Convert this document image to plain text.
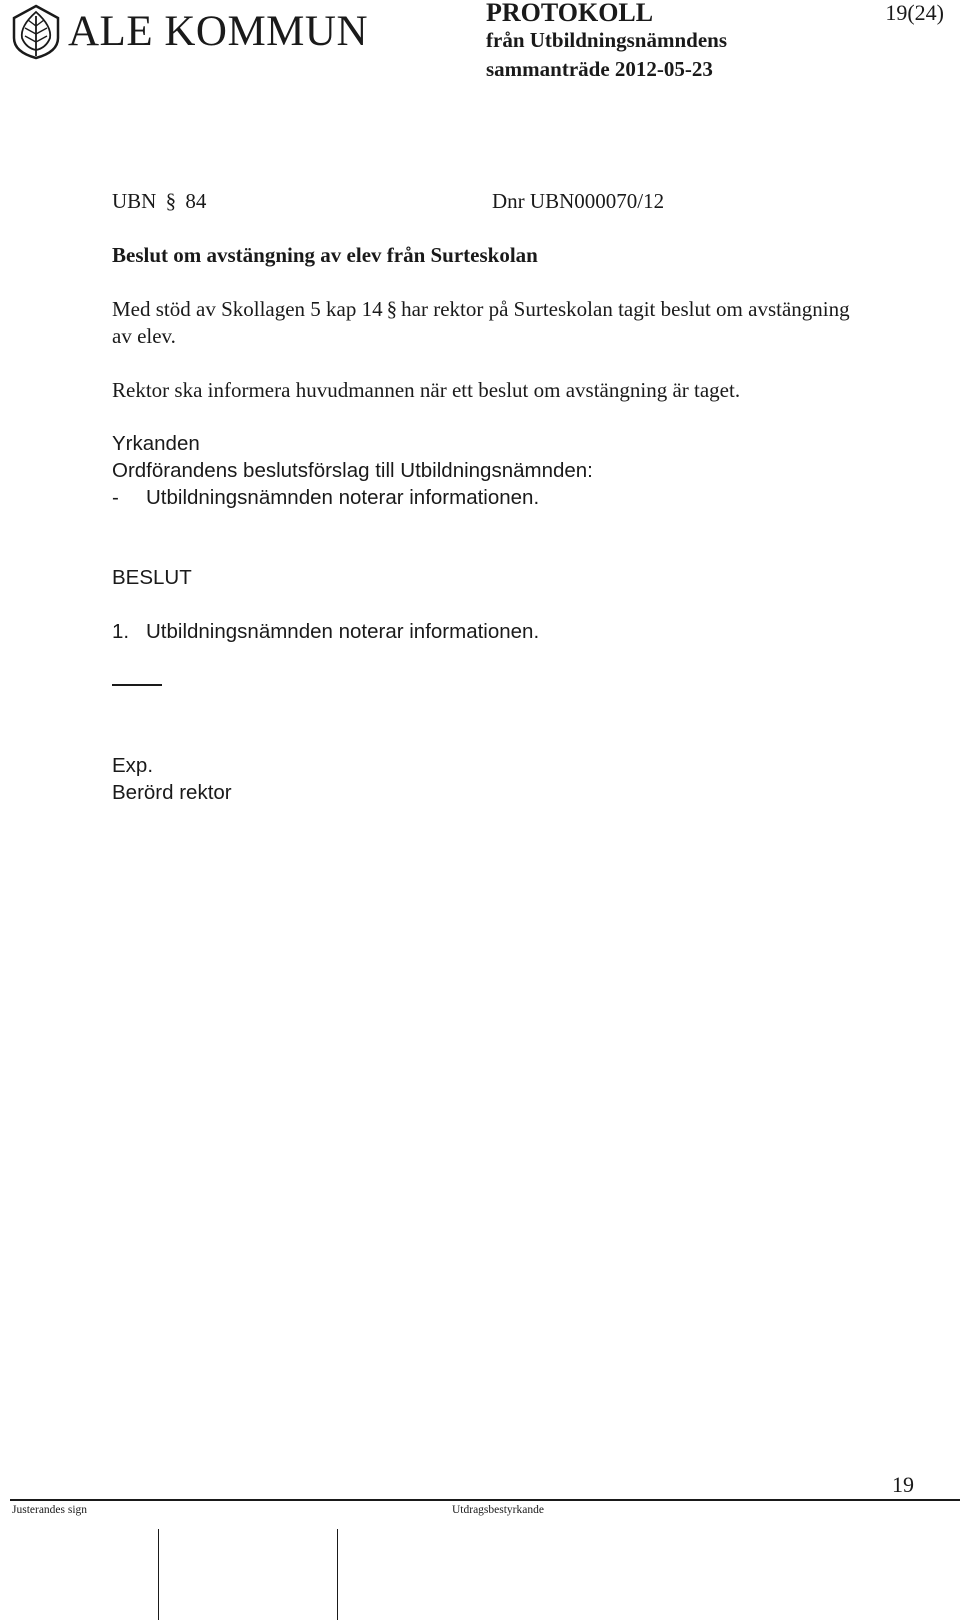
ALE KOMMUN	PROTOKOLL
från Utbildningsnämndens
sammanträde 2012-05-23
19(24)
UBN § 84	Dnr UBN000070/12
Beslut om avstängning av elev från Surteskolan
Med stöd av Skollagen 5 kap 14 § har rektor på Surteskolan tagit beslut om avstängning
av elev.
Rektor ska informera huvudmannen när ett beslut om avstängning är taget.
Yrkanden
Ordförandens beslutsförslag till Utbildningsnämnden:
- Utbildningsnämnden noterar informationen.
BESLUT
1. Utbildningsnämnden noterar informationen.
Exp.
Berörd rektor
19
Justerandes sign	Utdragsbestyrkande
